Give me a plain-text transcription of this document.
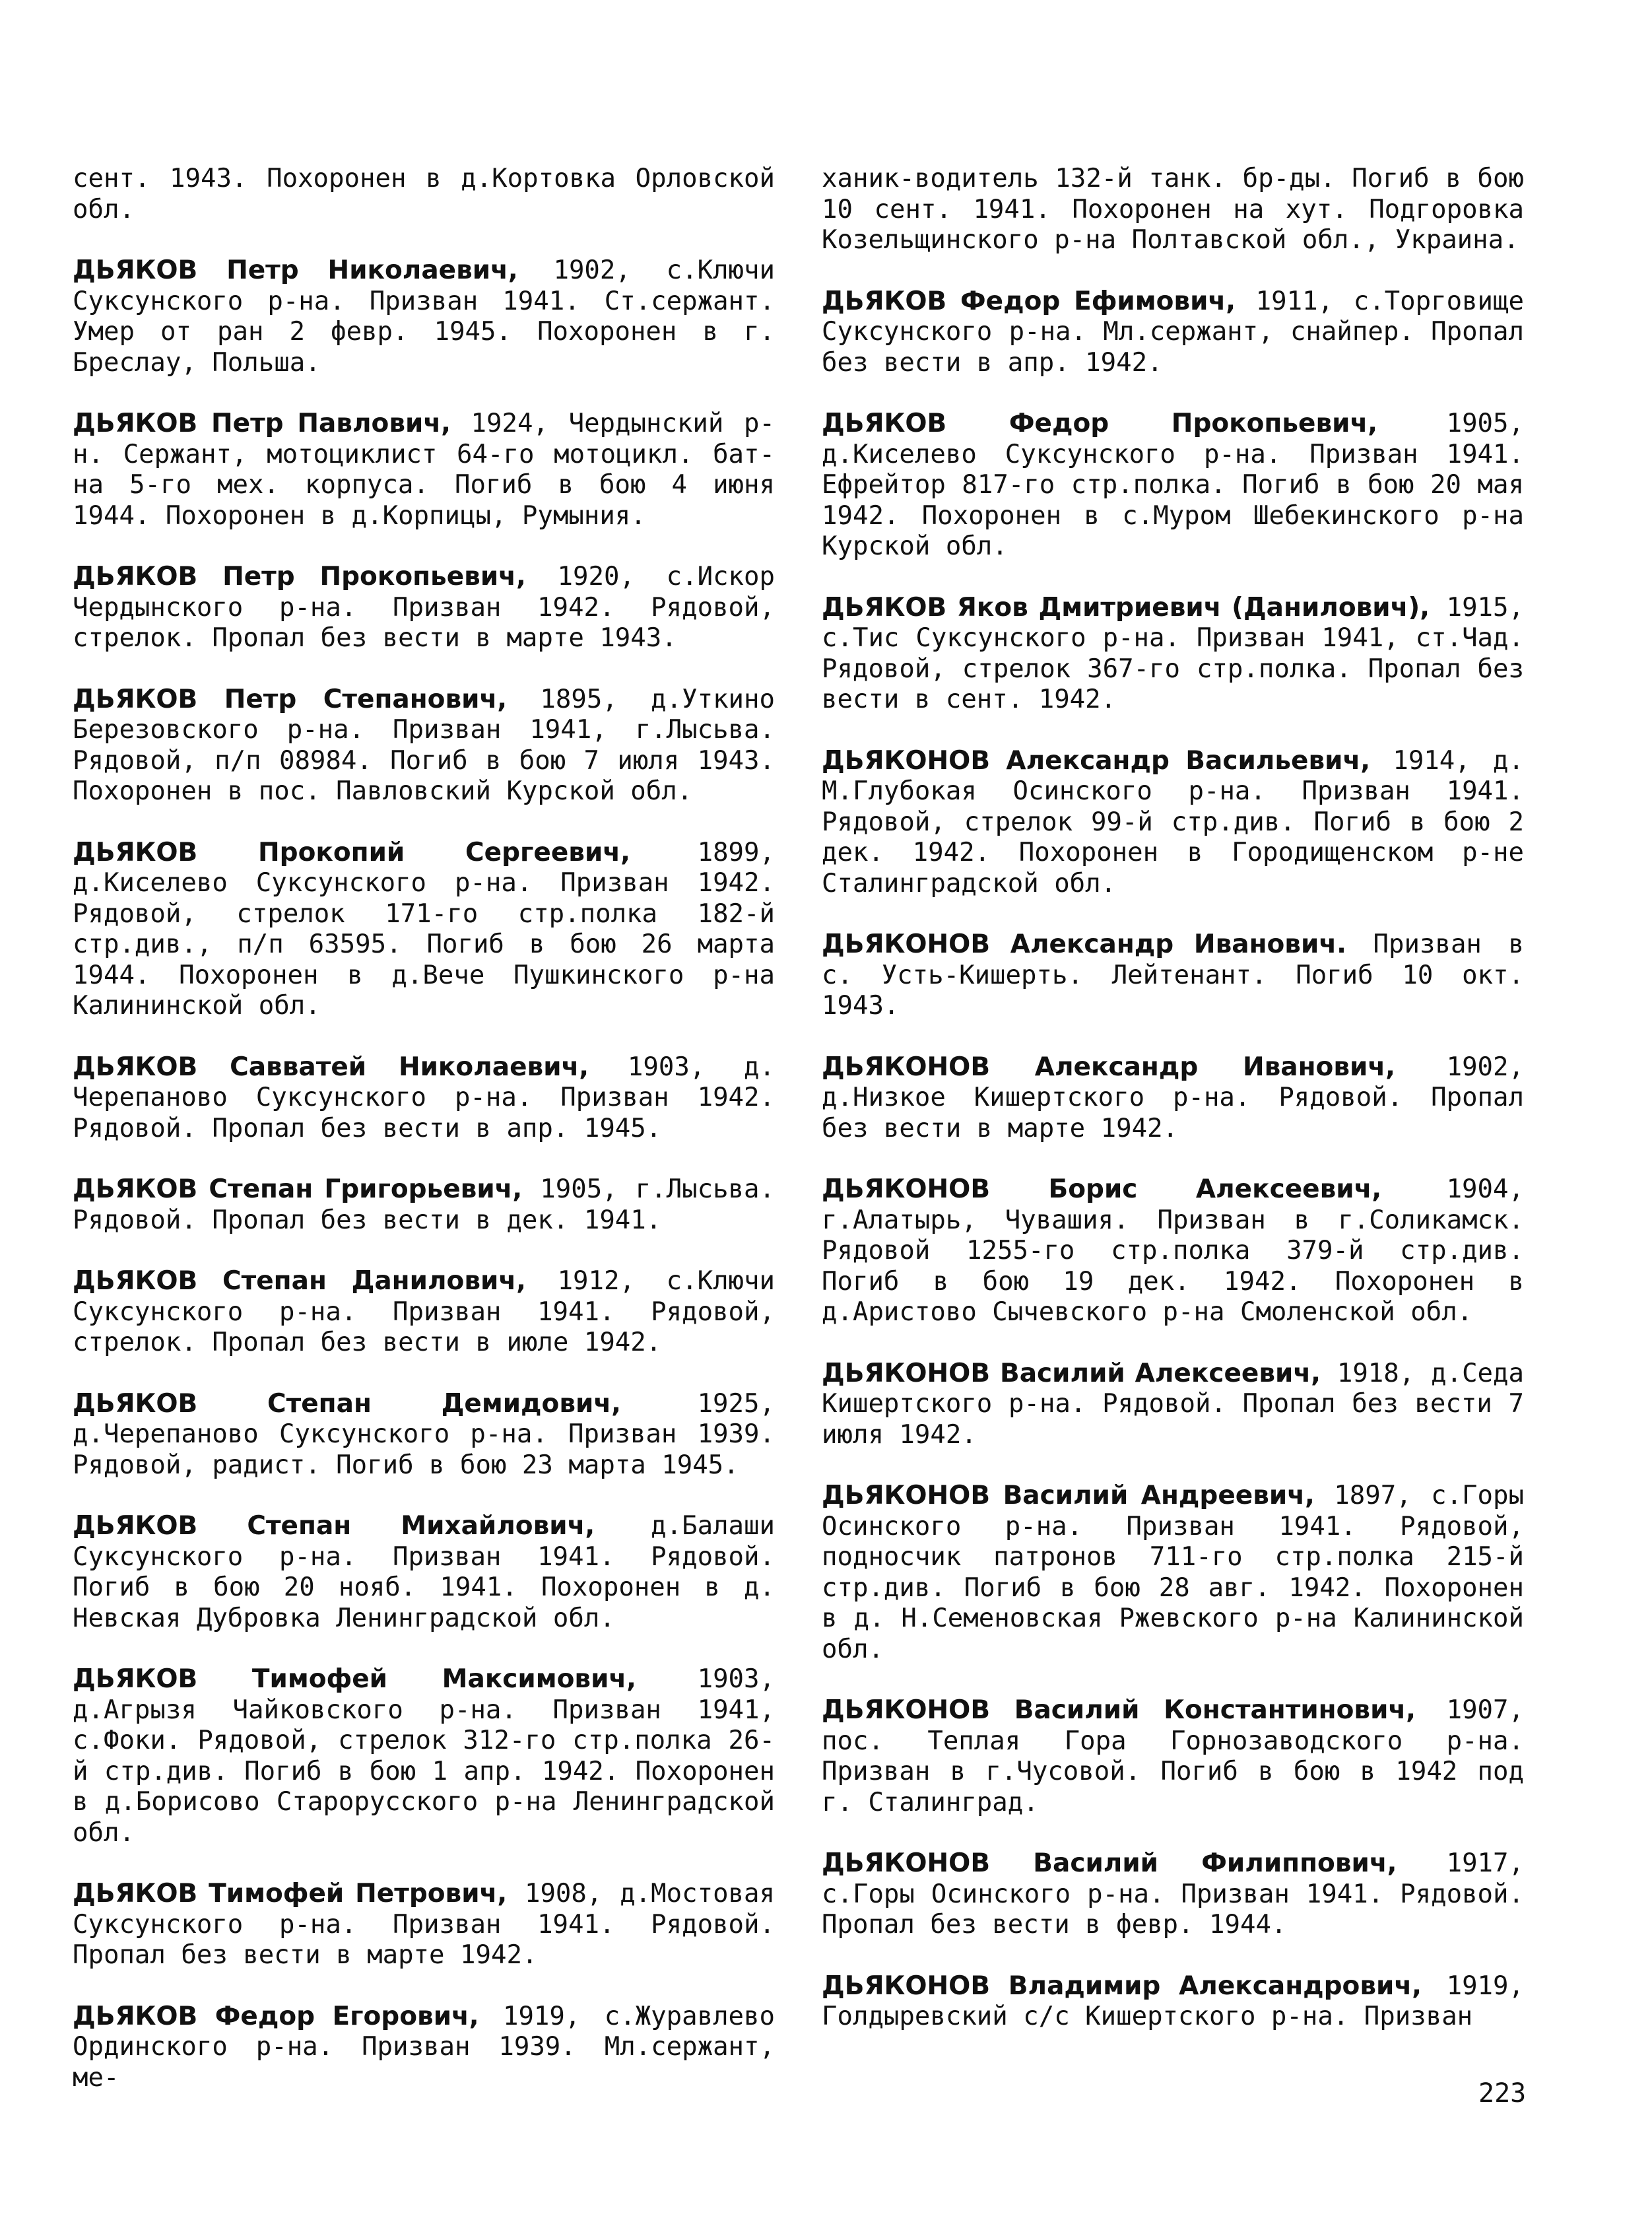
сент. 1943. Похоронен в д.Кортовка Орловской обл.

ДЬЯКОВ Петр Николаевич, 1902, с.Ключи Суксунского р-на. Призван 1941. Ст.сержант. Умер от ран 2 февр. 1945. Похоронен в г. Бреслау, Польша.

ДЬЯКОВ Петр Павлович, 1924, Чердынский р-н. Сержант, мотоциклист 64-го мотоцикл. бат-на 5-го мех. корпуса. Погиб в бою 4 июня 1944. Похоронен в д.Корпицы, Румыния.

ДЬЯКОВ Петр Прокопьевич, 1920, с.Искор Чердынского р-на. Призван 1942. Рядовой, стрелок. Пропал без вести в марте 1943.

ДЬЯКОВ Петр Степанович, 1895, д.Уткино Березовского р-на. Призван 1941, г.Лысьва. Рядовой, п/п 08984. Погиб в бою 7 июля 1943. Похоронен в пос. Павловский Курской обл.

ДЬЯКОВ Прокопий Сергеевич, 1899, д.Киселево Суксунского р-на. Призван 1942. Рядовой, стрелок 171-го стр.полка 182-й стр.див., п/п 63595. Погиб в бою 26 марта 1944. Похоронен в д.Вече Пушкинского р-на Калининской обл.

ДЬЯКОВ Савватей Николаевич, 1903, д. Черепаново Суксунского р-на. Призван 1942. Рядовой. Пропал без вести в апр. 1945.

ДЬЯКОВ Степан Григорьевич, 1905, г.Лысьва. Рядовой. Пропал без вести в дек. 1941.

ДЬЯКОВ Степан Данилович, 1912, с.Ключи Суксунского р-на. Призван 1941. Рядовой, стрелок. Пропал без вести в июле 1942.

ДЬЯКОВ Степан Демидович, 1925, д.Черепаново Суксунского р-на. Призван 1939. Рядовой, радист. Погиб в бою 23 марта 1945.

ДЬЯКОВ Степан Михайлович, д.Балаши Суксунского р-на. Призван 1941. Рядовой. Погиб в бою 20 нояб. 1941. Похоронен в д. Невская Дубровка Ленинградской обл.

ДЬЯКОВ Тимофей Максимович, 1903, д.Агрызя Чайковского р-на. Призван 1941, с.Фоки. Рядовой, стрелок 312-го стр.полка 26-й стр.див. Погиб в бою 1 апр. 1942. Похоронен в д.Борисово Старорусского р-на Ленинградской обл.

ДЬЯКОВ Тимофей Петрович, 1908, д.Мостовая Суксунского р-на. Призван 1941. Рядовой. Пропал без вести в марте 1942.

ДЬЯКОВ Федор Егорович, 1919, с.Журавлево Ординского р-на. Призван 1939. Мл.сержант, ме-

ханик-водитель 132-й танк. бр-ды. Погиб в бою 10 сент. 1941. Похоронен на хут. Подгоровка Козельщинского р-на Полтавской обл., Украина.

ДЬЯКОВ Федор Ефимович, 1911, с.Торговище Суксунского р-на. Мл.сержант, снайпер. Пропал без вести в апр. 1942.

ДЬЯКОВ Федор Прокопьевич, 1905, д.Киселево Суксунского р-на. Призван 1941. Ефрейтор 817-го стр.полка. Погиб в бою 20 мая 1942. Похоронен в с.Муром Шебекинского р-на Курской обл.

ДЬЯКОВ Яков Дмитриевич (Данилович), 1915, с.Тис Суксунского р-на. Призван 1941, ст.Чад. Рядовой, стрелок 367-го стр.полка. Пропал без вести в сент. 1942.

ДЬЯКОНОВ Александр Васильевич, 1914, д. М.Глубокая Осинского р-на. Призван 1941. Рядовой, стрелок 99-й стр.див. Погиб в бою 2 дек. 1942. Похоронен в Городищенском р-не Сталинградской обл.

ДЬЯКОНОВ Александр Иванович. Призван в с. Усть-Кишерть. Лейтенант. Погиб 10 окт. 1943.

ДЬЯКОНОВ Александр Иванович, 1902, д.Низкое Кишертского р-на. Рядовой. Пропал без вести в марте 1942.

ДЬЯКОНОВ Борис Алексеевич, 1904, г.Алатырь, Чувашия. Призван в г.Соликамск. Рядовой 1255-го стр.полка 379-й стр.див. Погиб в бою 19 дек. 1942. Похоронен в д.Аристово Сычевского р-на Смоленской обл.

ДЬЯКОНОВ Василий Алексеевич, 1918, д.Седа Кишертского р-на. Рядовой. Пропал без вести 7 июля 1942.

ДЬЯКОНОВ Василий Андреевич, 1897, с.Горы Осинского р-на. Призван 1941. Рядовой, подносчик патронов 711-го стр.полка 215-й стр.див. Погиб в бою 28 авг. 1942. Похоронен в д. Н.Семеновская Ржевского р-на Калининской обл.

ДЬЯКОНОВ Василий Константинович, 1907, пос. Теплая Гора Горнозаводского р-на. Призван в г.Чусовой. Погиб в бою в 1942 под г. Сталинград.

ДЬЯКОНОВ Василий Филиппович, 1917, с.Горы Осинского р-на. Призван 1941. Рядовой. Пропал без вести в февр. 1944.

ДЬЯКОНОВ Владимир Александрович, 1919, Голдыревский с/с Кишертского р-на. Призван

223
